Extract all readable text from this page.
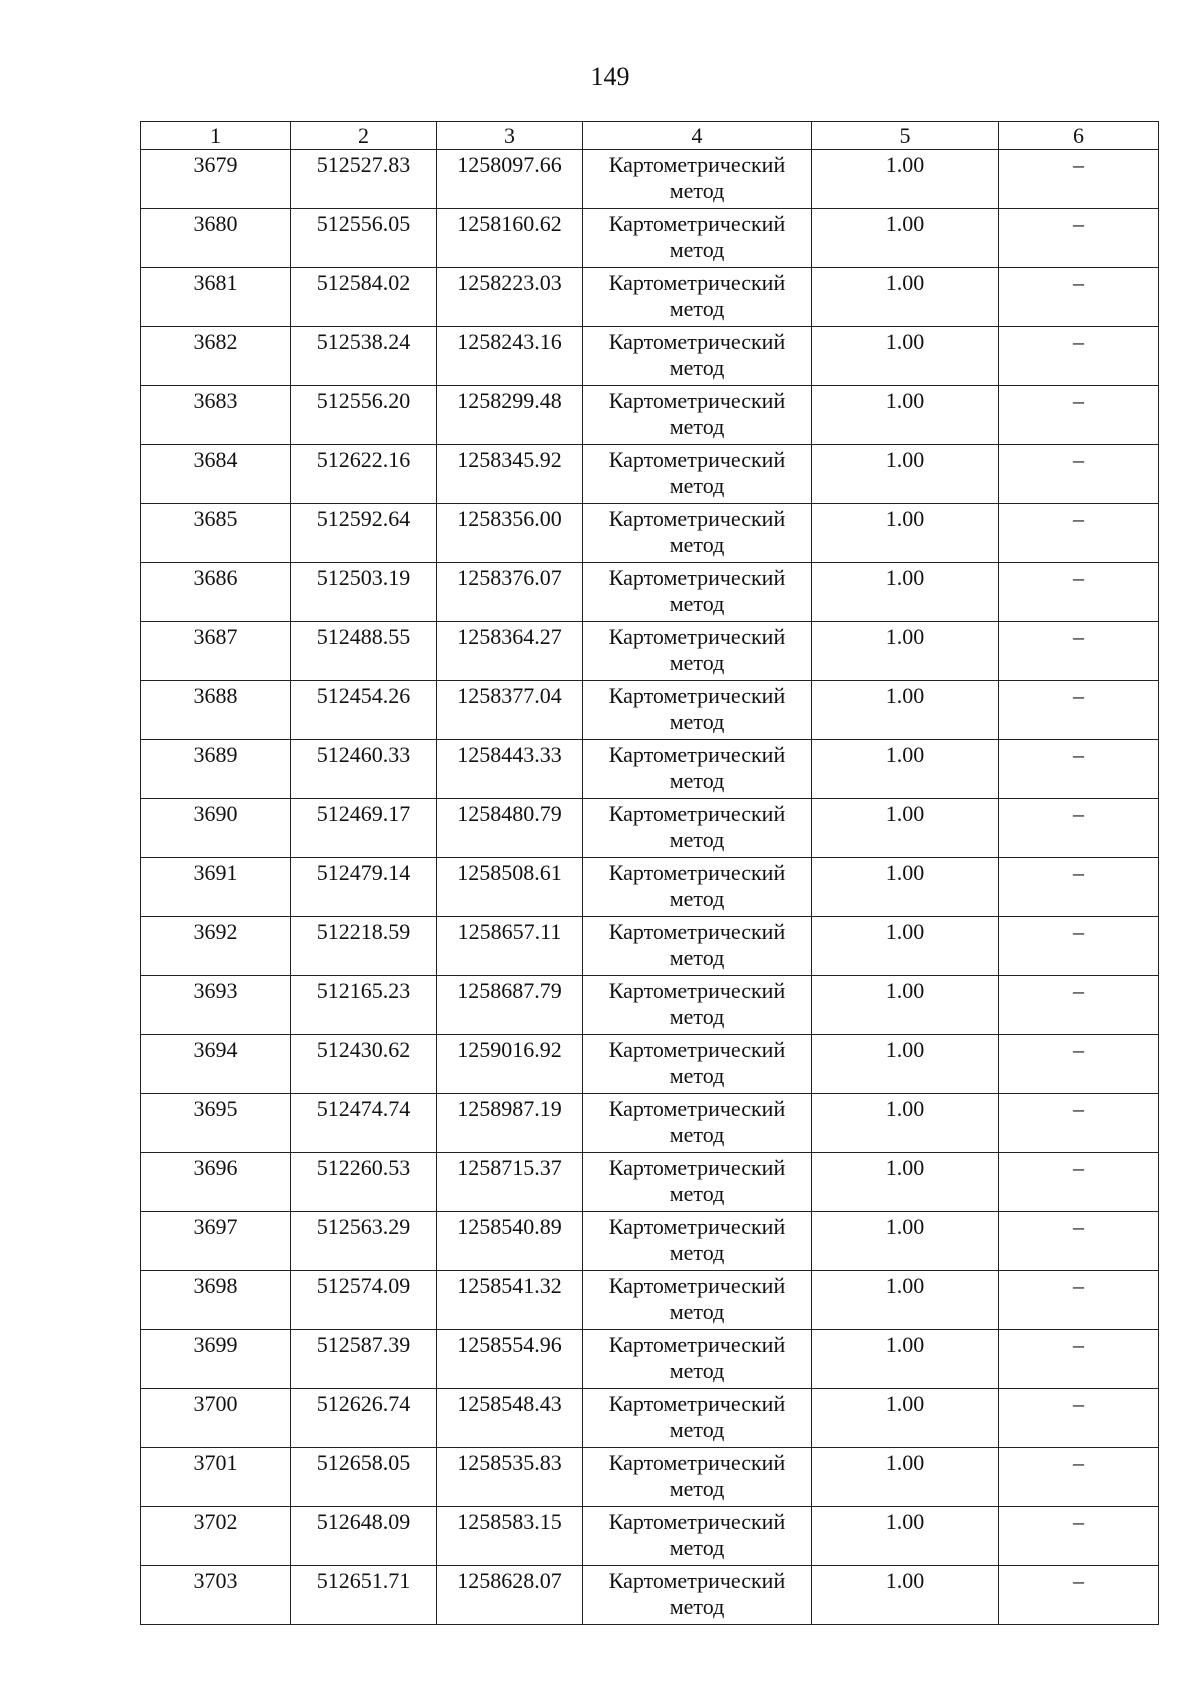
149
1	2	3	4	5	6
3679	512527.83	1258097.66	Картометрический метод	1.00	–
3680	512556.05	1258160.62	Картометрический метод	1.00	–
3681	512584.02	1258223.03	Картометрический метод	1.00	–
3682	512538.24	1258243.16	Картометрический метод	1.00	–
3683	512556.20	1258299.48	Картометрический метод	1.00	–
3684	512622.16	1258345.92	Картометрический метод	1.00	–
3685	512592.64	1258356.00	Картометрический метод	1.00	–
3686	512503.19	1258376.07	Картометрический метод	1.00	–
3687	512488.55	1258364.27	Картометрический метод	1.00	–
3688	512454.26	1258377.04	Картометрический метод	1.00	–
3689	512460.33	1258443.33	Картометрический метод	1.00	–
3690	512469.17	1258480.79	Картометрический метод	1.00	–
3691	512479.14	1258508.61	Картометрический метод	1.00	–
3692	512218.59	1258657.11	Картометрический метод	1.00	–
3693	512165.23	1258687.79	Картометрический метод	1.00	–
3694	512430.62	1259016.92	Картометрический метод	1.00	–
3695	512474.74	1258987.19	Картометрический метод	1.00	–
3696	512260.53	1258715.37	Картометрический метод	1.00	–
3697	512563.29	1258540.89	Картометрический метод	1.00	–
3698	512574.09	1258541.32	Картометрический метод	1.00	–
3699	512587.39	1258554.96	Картометрический метод	1.00	–
3700	512626.74	1258548.43	Картометрический метод	1.00	–
3701	512658.05	1258535.83	Картометрический метод	1.00	–
3702	512648.09	1258583.15	Картометрический метод	1.00	–
3703	512651.71	1258628.07	Картометрический метод	1.00	–
